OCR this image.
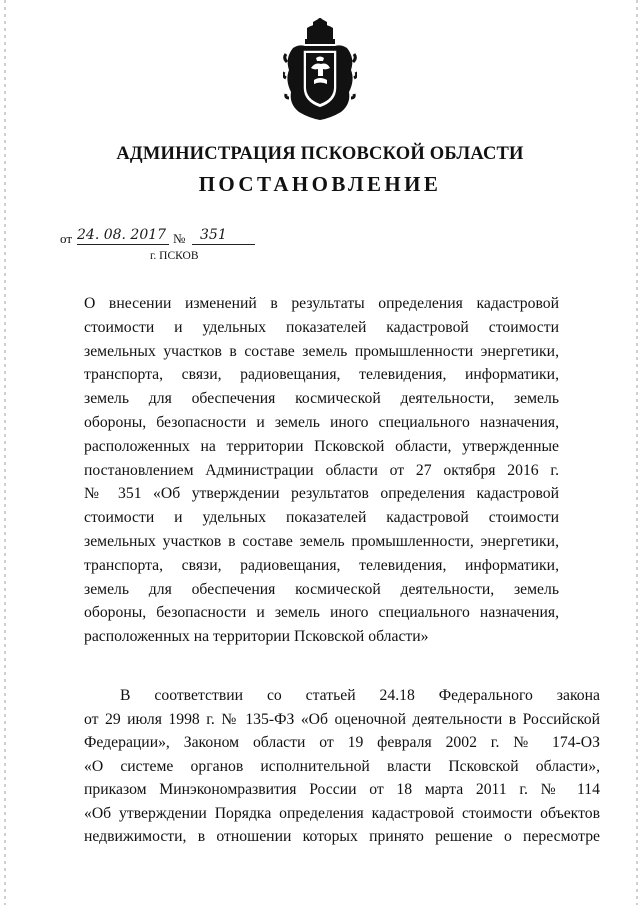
АДМИНИСТРАЦИЯ ПСКОВСКОЙ ОБЛАСТИ
ПОСТАНОВЛЕНИЕ
от 24. 08. 2017 №	351
г. ПСКОВ
О внесении изменений в результаты определения кадастровой
стоимости и удельных показателей кадастровой стоимости
земельных участков в составе земель промышленности энергетики,
транспорта, связи, радиовещания, телевидения, информатики,
земель для обеспечения космической деятельности, земель
обороны, безопасности и земель иного специального назначения,
расположенных на территории Псковской области, утвержденные
постановлением Администрации области от 27 октября 2016 г.
№ 351 «Об утверждении результатов определения кадастровой
стоимости и удельных показателей кадастровой стоимости
земельных участков в составе земель промышленности, энергетики,
транспорта, связи, радиовещания, телевидения, информатики,
земель для обеспечения космической деятельности, земель
обороны, безопасности и земель иного специального назначения,
расположенных на территории Псковской области»
В соответствии со статьей 24.18 Федерального закона
от 29 июля 1998 г. № 135-ФЗ «Об оценочной деятельности в Российской
Федерации», Законом области от 19 февраля 2002 г. № 174-ОЗ
«О системе органов исполнительной власти Псковской области»,
приказом Минэкономразвития России от 18 марта 2011 г. № 114
«Об утверждении Порядка определения кадастровой стоимости объектов
недвижимости, в отношении которых принято решение о пересмотре
